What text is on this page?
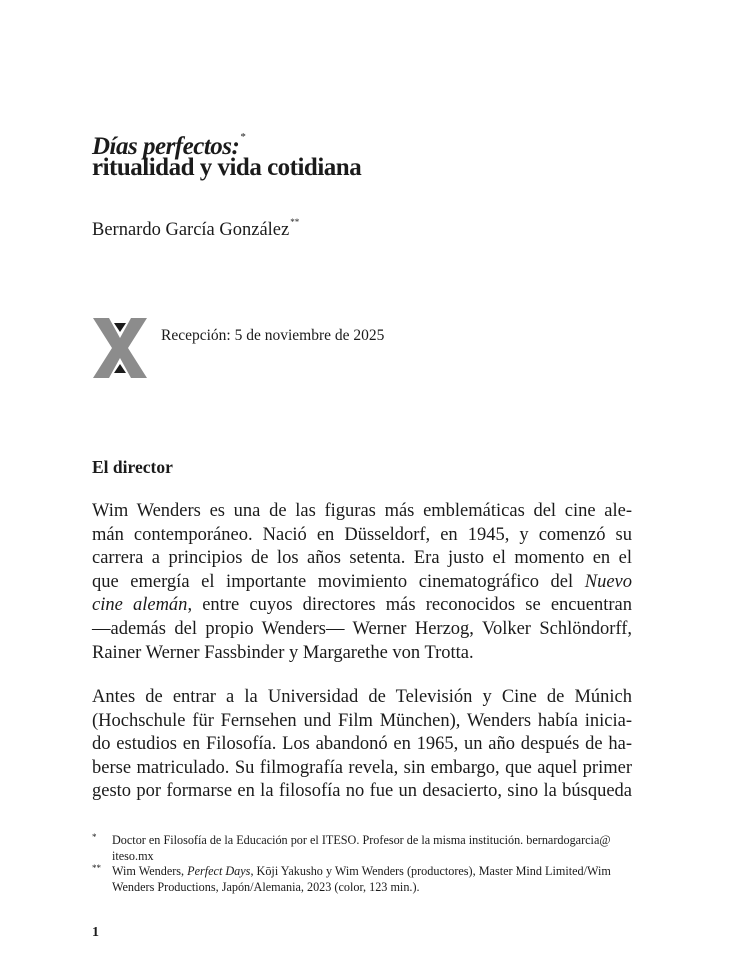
Días perfectos:*
ritualidad y vida cotidiana
Bernardo García González**
Recepción: 5 de noviembre de 2025
El director
Wim Wenders es una de las figuras más emblemáticas del cine ale-
mán contemporáneo. Nació en Düsseldorf, en 1945, y comenzó su
carrera a principios de los años setenta. Era justo el momento en el
que emergía el importante movimiento cinematográfico del Nuevo
cine alemán, entre cuyos directores más reconocidos se encuentran
—además del propio Wenders— Werner Herzog, Volker Schlöndorff,
Rainer Werner Fassbinder y Margarethe von Trotta.
Antes de entrar a la Universidad de Televisión y Cine de Múnich
(Hochschule für Fernsehen und Film München), Wenders había inicia-
do estudios en Filosofía. Los abandonó en 1965, un año después de ha-
berse matriculado. Su filmografía revela, sin embargo, que aquel primer
gesto por formarse en la filosofía no fue un desacierto, sino la búsqueda
* Doctor en Filosofía de la Educación por el ITESO. Profesor de la misma institución. bernardogarcia@
iteso.mx
** Wim Wenders, Perfect Days, Kōji Yakusho y Wim Wenders (productores), Master Mind Limited/Wim
Wenders Productions, Japón/Alemania, 2023 (color, 123 min.).
1
